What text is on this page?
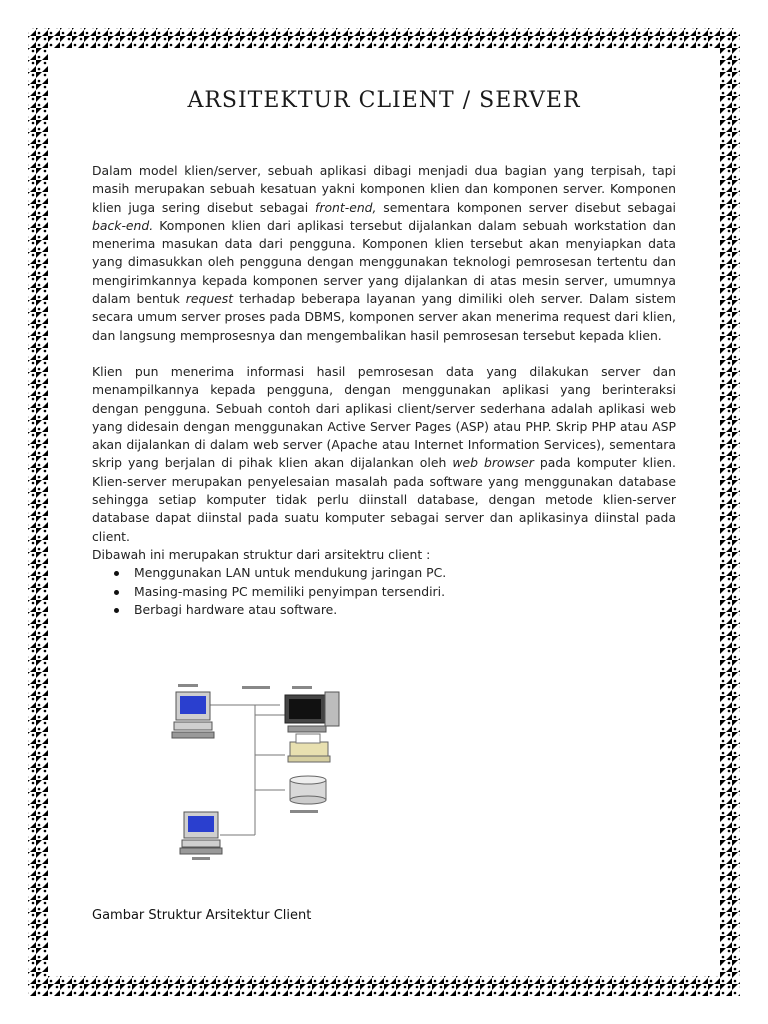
ARSITEKTUR CLIENT / SERVER

Dalam model klien/server, sebuah aplikasi dibagi menjadi dua bagian yang terpisah, tapi masih merupakan sebuah kesatuan yakni komponen klien dan komponen server. Komponen klien juga sering disebut sebagai front-end, sementara komponen server disebut sebagai back-end. Komponen klien dari aplikasi tersebut dijalankan dalam sebuah workstation dan menerima masukan data dari pengguna. Komponen klien tersebut akan menyiapkan data yang dimasukkan oleh pengguna dengan menggunakan teknologi pemrosesan tertentu dan mengirimkannya kepada komponen server yang dijalankan di atas mesin server, umumnya dalam bentuk request terhadap beberapa layanan yang dimiliki oleh server. Dalam sistem secara umum server proses pada DBMS, komponen server akan menerima request dari klien, dan langsung memprosesnya dan mengembalikan hasil pemrosesan tersebut kepada klien.

Klien pun menerima informasi hasil pemrosesan data yang dilakukan server dan menampilkannya kepada pengguna, dengan menggunakan aplikasi yang berinteraksi dengan pengguna. Sebuah contoh dari aplikasi client/server sederhana adalah aplikasi web yang didesain dengan menggunakan Active Server Pages (ASP) atau PHP. Skrip PHP atau ASP akan dijalankan di dalam web server (Apache atau Internet Information Services), sementara skrip yang berjalan di pihak klien akan dijalankan oleh web browser pada komputer klien. Klien-server merupakan penyelesaian masalah pada software yang menggunakan database sehingga setiap komputer tidak perlu diinstall database, dengan metode klien-server database dapat diinstal pada suatu komputer sebagai server dan aplikasinya diinstal pada client.

Dibawah ini merupakan struktur dari arsitektru client :

Menggunakan LAN untuk mendukung jaringan PC.
Masing-masing PC memiliki penyimpan tersendiri.
Berbagi hardware atau software.
Gambar Struktur Arsitektur Client
